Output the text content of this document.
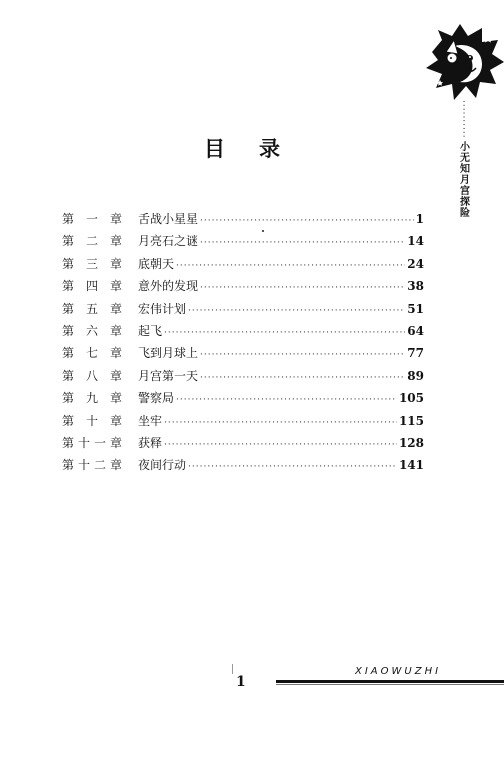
··········
小无知月宫探险
目 录
第一章 舌战小星星 ·····	1
第二章 月亮石之谜 ·····	14
第三章 底朝天 ·····	24
第四章 意外的发现 ·····	38
第五章 宏伟计划 ·····	51
第六章 起飞 ·····	64
第七章 飞到月球上 ·····	77
第八章 月宫第一天 ·····	89
第九章 警察局 ·····	105
第十章 坐牢 ·····	115
第十一章 获释 ·····	128
第十二章 夜间行动 ·····	141
1
XIAOWUZHI
